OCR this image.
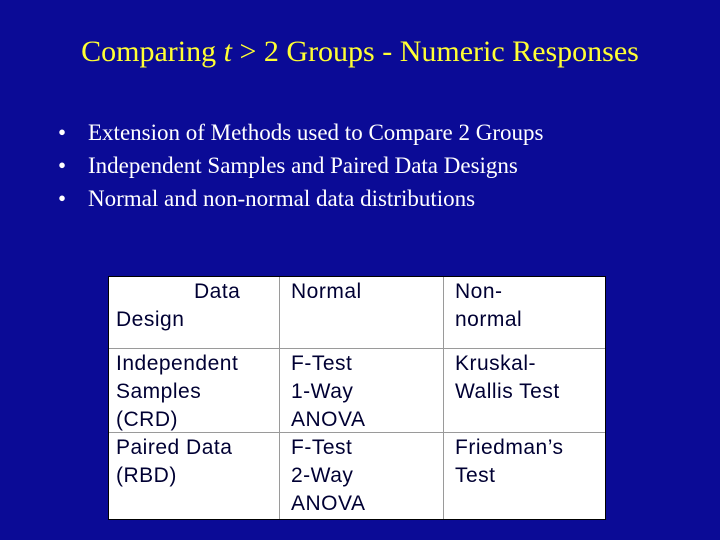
Comparing t > 2 Groups - Numeric Responses
• Extension of Methods used to Compare 2 Groups
• Independent Samples and Paired Data Designs
• Normal and non-normal data distributions
Data
Design
Normal	Non-
normal
Independent
Samples
(CRD)
F-Test
1-Way
ANOVA
Kruskal-
Wallis Test
Paired Data
(RBD)
F-Test
2-Way
ANOVA
Friedman’s
Test
